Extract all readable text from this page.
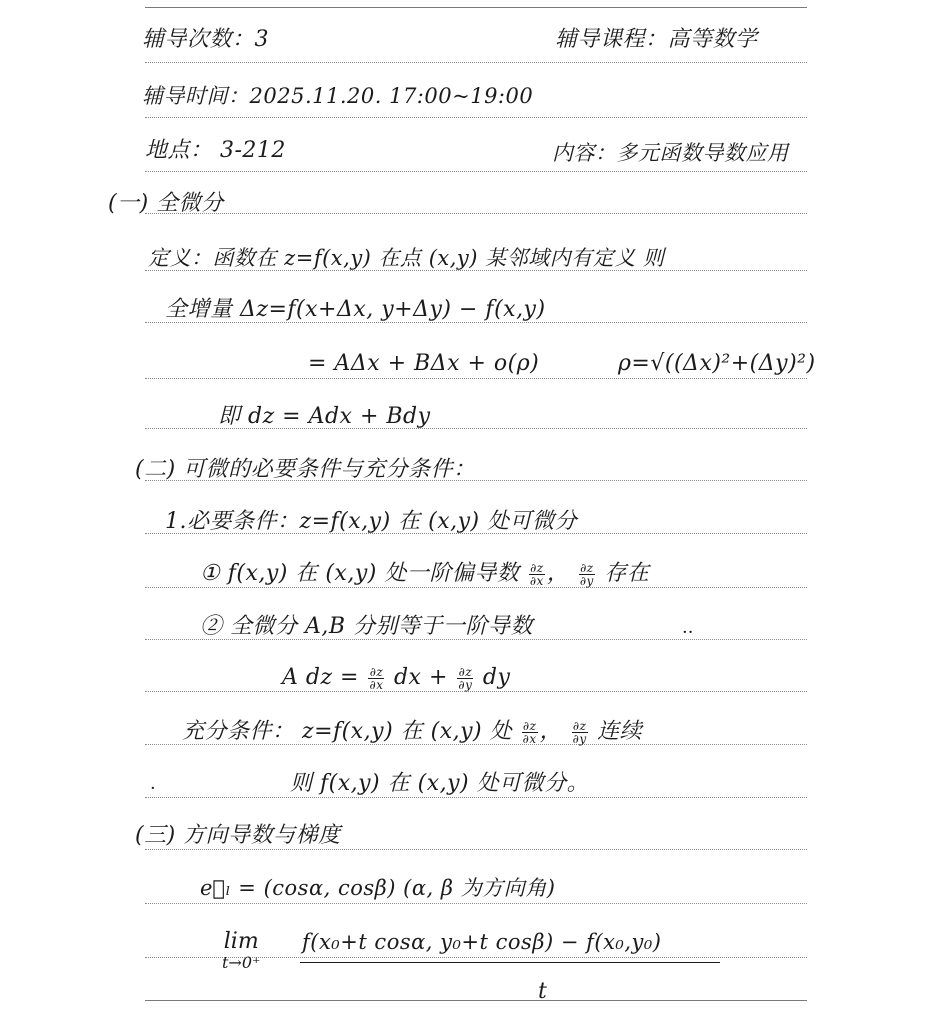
辅导次数：3	辅导课程：高等数学
辅导时间：2025.11.20. 17:00~19:00
地点： 3-212	内容：多元函数导数应用
(一) 全微分
定义：函数在 z=f(x,y) 在点 (x,y) 某邻域内有定义 则
全增量 Δz=f(x+Δx, y+Δy) − f(x,y)
= AΔx + BΔx + o(ρ)	ρ=√((Δx)²+(Δy)²)
即 dz = Adx + Bdy
(二) 可微的必要条件与充分条件：
1.必要条件：z=f(x,y) 在 (x,y) 处可微分
① f(x,y) 在 (x,y) 处一阶偏导数 $\frac{\partial z}{\partial x}$ ， $\frac{\partial z}{\partial y}$ 存在
② 全微分 A,B 分别等于一阶导数
A dz = $\frac{\partial z}{\partial x}$ dx + $\frac{\partial z}{\partial y}$ dy
充分条件： z=f(x,y) 在 (x,y) 处 $\frac{\partial z}{\partial x}$ ， $\frac{\partial z}{\partial y}$ 连续
则 f(x,y) 在 (x,y) 处可微分。
(三) 方向导数与梯度
e⃗ₗ = (cosα, cosβ) (α, β 为方向角)
lim
t→0⁺
f(x₀+t cosα, y₀+t cosβ) − f(x₀,y₀)
t
·
··
